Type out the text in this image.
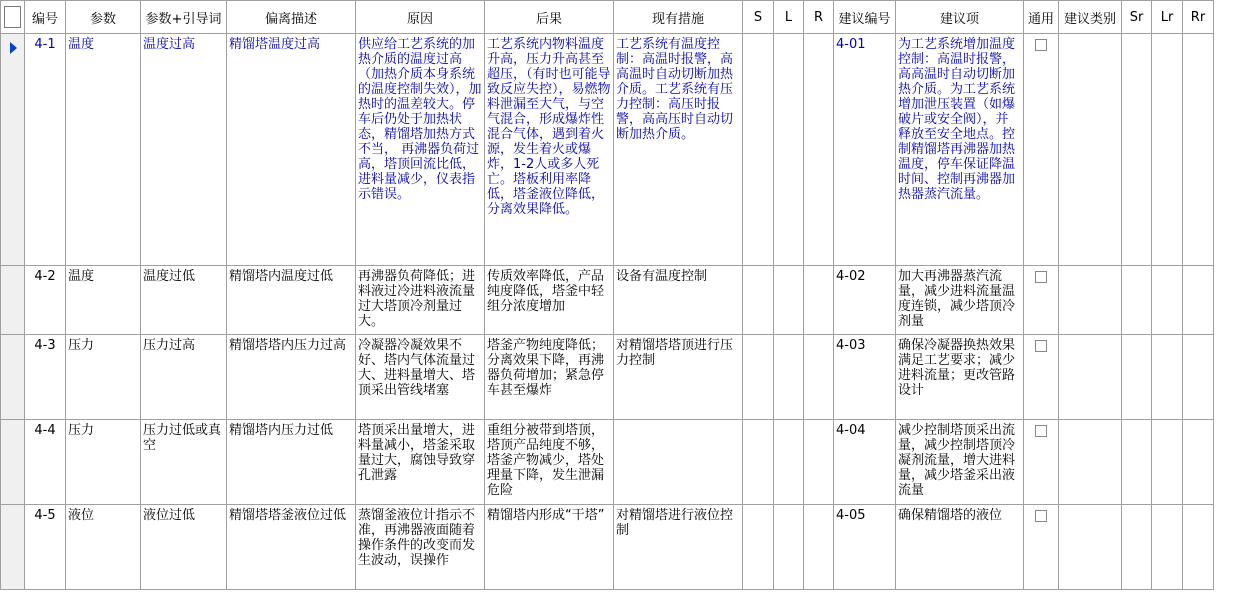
	编号	参数	参数+引导词	偏离描述	原因	后果	现有措施	S	L	R	建议编号	建议项	通用	建议类别	Sr	Lr	Rr

	4-1	温度	温度过高	精馏塔温度过高	供应给工艺系统的加热介质的温度过高（加热介质本身系统的温度控制失效），加热时的温差较大。停车后仍处于加热状态，精馏塔加热方式不当， 再沸器负荷过高，塔顶回流比低，进料量减少，仪表指示错误。	工艺系统内物料温度升高，压力升高甚至超压，（有时也可能导致反应失控），易燃物料泄漏至大气，与空气混合，形成爆炸性混合气体，遇到着火源，发生着火或爆炸，1-2人或多人死亡。塔板利用率降低，塔釜液位降低，分离效果降低。	工艺系统有温度控制：高温时报警，高高温时自动切断加热介质。工艺系统有压力控制：高压时报警，高高压时自动切断加热介质。				4-01	为工艺系统增加温度控制：高温时报警，高高温时自动切断加热介质。为工艺系统增加泄压装置（如爆破片或安全阀），并释放至安全地点。控制精馏塔再沸器加热温度，停车保证降温时间、控制再沸器加热器蒸汽流量。					
	4-2	温度	温度过低	精馏塔内温度过低	再沸器负荷降低；进料液过冷进料液流量过大塔顶冷剂量过大。	传质效率降低，产品纯度降低，塔釜中轻组分浓度增加	设备有温度控制				4-02	加大再沸器蒸汽流量，减少进料流量温度连锁，减少塔顶冷剂量					
	4-3	压力	压力过高	精馏塔塔内压力过高	冷凝器冷凝效果不好、塔内气体流量过大、进料量增大、塔顶采出管线堵塞	塔釜产物纯度降低；分离效果下降，再沸器负荷增加；紧急停车甚至爆炸	对精馏塔塔顶进行压力控制				4-03	确保冷凝器换热效果满足工艺要求；减少进料流量；更改管路设计					
	4-4	压力	压力过低或真空	精馏塔内压力过低	塔顶采出量增大，进料量减小，塔釜采取量过大，腐蚀导致穿孔泄露	重组分被带到塔顶，塔顶产品纯度不够，塔釜产物减少，塔处理量下降，发生泄漏危险					4-04	减少控制塔顶采出流量，减少控制塔顶冷凝剂流量，增大进料量，减少塔釜采出液流量					
	4-5	液位	液位过低	精馏塔塔釜液位过低	蒸馏釜液位计指示不准，再沸器液面随着操作条件的改变而发生波动，误操作	精馏塔内形成“干塔”	对精馏塔进行液位控制				4-05	确保精馏塔的液位					
